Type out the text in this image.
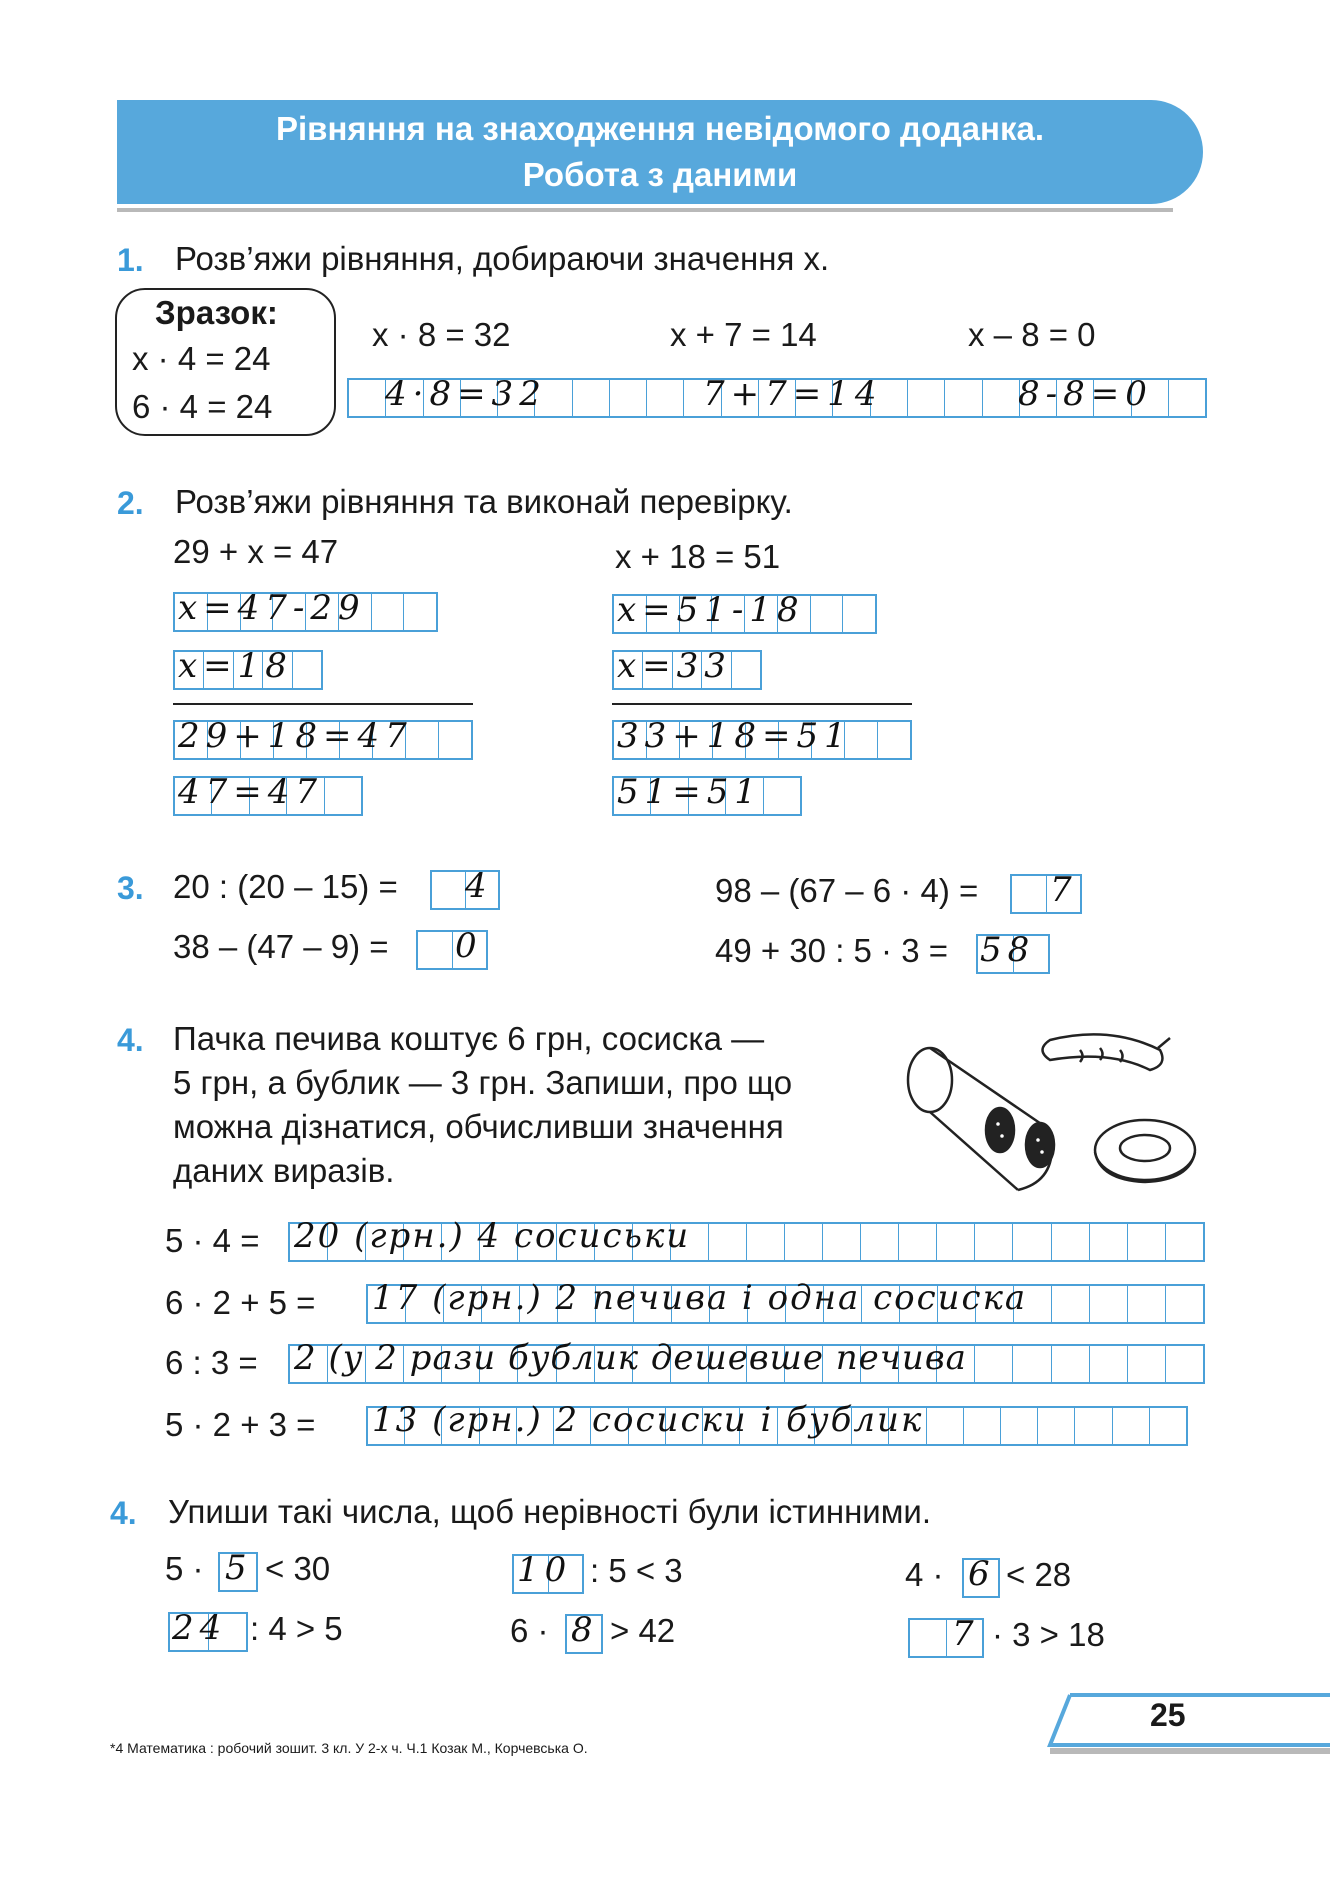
Рівняння на знаходження невідомого доданка.
Робота з даними
1. Розв’яжи рівняння, добираючи значення x.
Зразок:
x · 4 = 24
6 · 4 = 24
x · 8 = 32	x + 7 = 14	x – 8 = 0
4·8=32	7+7=14	8-8=0
2. Розв’яжи рівняння та виконай перевірку.
29 + x = 47	x + 18 = 51
x=47-29
x=18
29+18=47
47=47
x=51-18
x=33
33+18=51
51=51
3. 20 : (20 – 15) = 4	98 – (67 – 6 · 4) = 7
38 – (47 – 9) = 0	49 + 30 : 5 · 3 = 58
4. Пачка печива коштує 6 грн, сосиска —
5 грн, а бублик — 3 грн. Запиши, про що
можна дізнатися, обчисливши значення
даних виразів.
5 · 4 = 20 (грн.) 4 сосиськи
6 · 2 + 5 = 17 (грн.) 2 печива і одна сосиска
6 : 3 = 2 (у 2 рази бублик дешевше печива
5 · 2 + 3 = 13 (грн.) 2 сосиски і бублик
4. Упиши такі числа, щоб нерівності були істинними.
5 · 5 < 30	10 : 5 < 3	4 · 6 < 28
24 : 4 > 5	6 · 8 > 42	7 · 3 > 18
25
*4 Математика : робочий зошит. 3 кл. У 2-х ч. Ч.1 Козак М., Корчевська О.
